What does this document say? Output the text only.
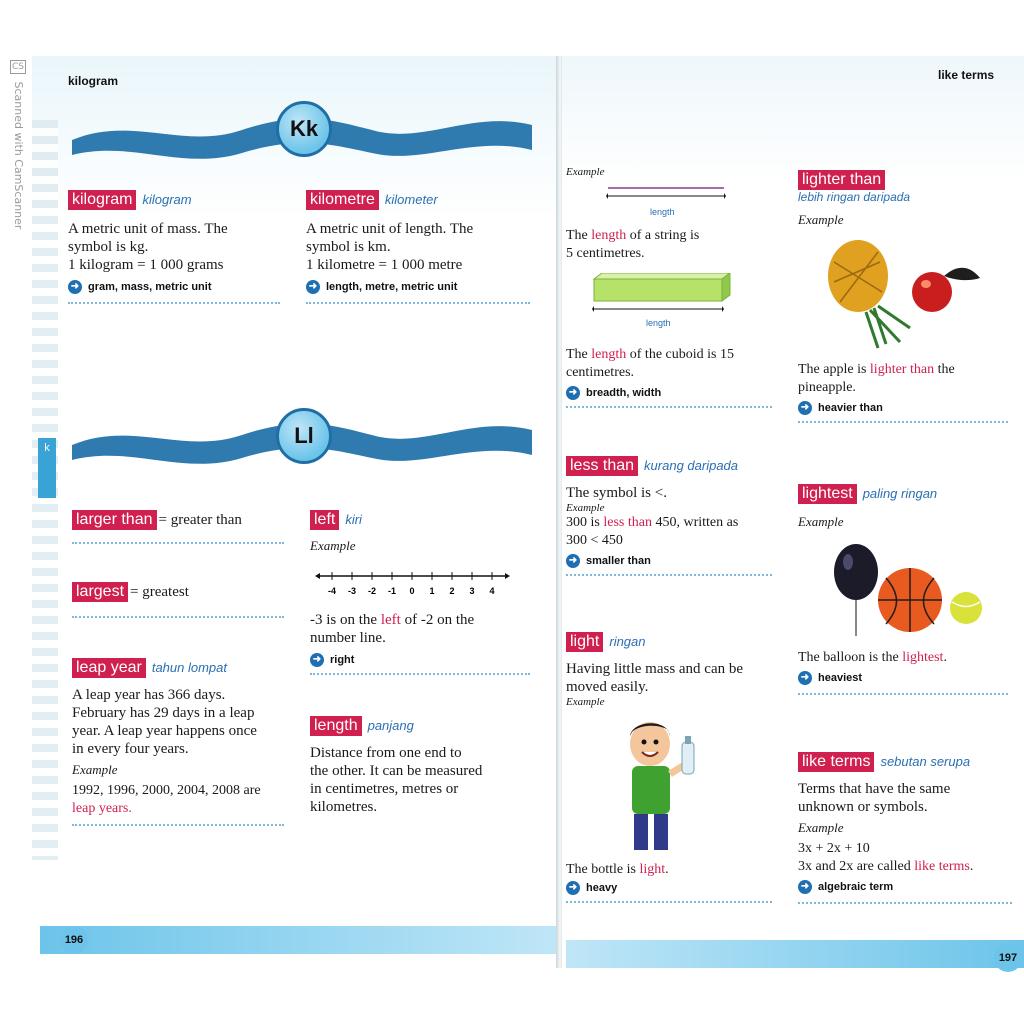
CS Scanned with CamScanner
k
kilogram
Kk
kilogram kilogram
A metric unit of mass. The
symbol is kg.
1 kilogram = 1 000 grams
➜ gram, mass, metric unit
kilometre kilometer
A metric unit of length. The
symbol is km.
1 kilometre = 1 000 metre
➜ length, metre, metric unit
Ll
larger than = greater than
largest = greatest
leap year tahun lompat
A leap year has 366 days.
February has 29 days in a leap
year. A leap year happens once
in every four years.
Example
1992, 1996, 2000, 2004, 2008 are
leap years.
left kiri
Example
-4 -3 -2 -1 0 1 2 3 4
-3 is on the left of -2 on the
number line.
➜ right
length panjang
Distance from one end to
the other. It can be measured
in centimetres, metres or
kilometres.
196
like terms
Example
length
The length of a string is
5 centimetres.
length
The length of the cuboid is 15
centimetres.
➜ breadth, width
less than kurang daripada
The symbol is <.
Example
300 is less than 450, written as
300 < 450
➜ smaller than
light ringan
Having little mass and can be
moved easily.
Example
The bottle is light.
➜ heavy
lighter than
lebih ringan daripada
Example
The apple is lighter than the
pineapple.
➜ heavier than
lightest paling ringan
Example
The balloon is the lightest.
➜ heaviest
like terms sebutan serupa
Terms that have the same
unknown or symbols.
Example
3x + 2x + 10
3x and 2x are called like terms.
➜ algebraic term
197
